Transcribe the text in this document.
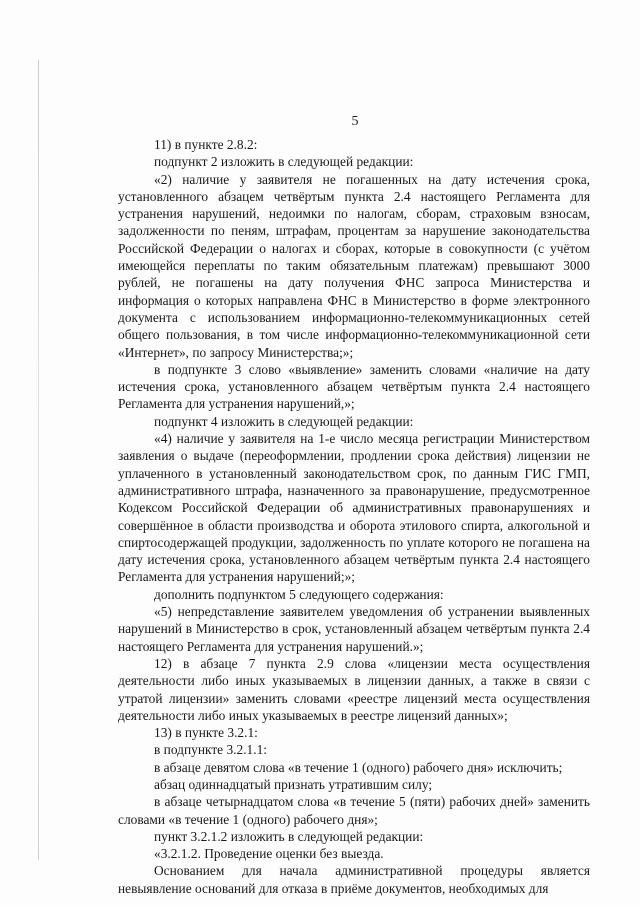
5

11) в пункте 2.8.2:

подпункт 2 изложить в следующей редакции:

«2) наличие у заявителя не погашенных на дату истечения срока, установленного абзацем четвёртым пункта 2.4 настоящего Регламента для устранения нарушений, недоимки по налогам, сборам, страховым взносам, задолженности по пеням, штрафам, процентам за нарушение законодательства Российской Федерации о налогах и сборах, которые в совокупности (с учётом имеющейся переплаты по таким обязательным платежам) превышают 3000 рублей, не погашены на дату получения ФНС запроса Министерства и информация о которых направлена ФНС в Министерство в форме электронного документа с использованием информационно-телекоммуникационных сетей общего пользования, в том числе информационно-телекоммуникационной сети «Интернет», по запросу Министерства;»;

в подпункте 3 слово «выявление» заменить словами «наличие на дату истечения срока, установленного абзацем четвёртым пункта 2.4 настоящего Регламента для устранения нарушений,»;

подпункт 4 изложить в следующей редакции:

«4) наличие у заявителя на 1-е число месяца регистрации Министерством заявления о выдаче (переоформлении, продлении срока действия) лицензии не уплаченного в установленный законодательством срок, по данным ГИС ГМП, административного штрафа, назначенного за правонарушение, предусмотренное Кодексом Российской Федерации об административных правонарушениях и совершённое в области производства и оборота этилового спирта, алкогольной и спиртосодержащей продукции, задолженность по уплате которого не погашена на дату истечения срока, установленного абзацем четвёртым пункта 2.4 настоящего Регламента для устранения нарушений;»;

дополнить подпунктом 5 следующего содержания:

«5) непредставление заявителем уведомления об устранении выявленных нарушений в Министерство в срок, установленный абзацем четвёртым пункта 2.4 настоящего Регламента для устранения нарушений.»;

12) в абзаце 7 пункта 2.9 слова «лицензии места осуществления деятельности либо иных указываемых в лицензии данных, а также в связи с утратой лицензии» заменить словами «реестре лицензий места осуществления деятельности либо иных указываемых в реестре лицензий данных»;

13) в пункте 3.2.1:

в подпункте 3.2.1.1:

в абзаце девятом слова «в течение 1 (одного) рабочего дня» исключить;

абзац одиннадцатый признать утратившим силу;

в абзаце четырнадцатом слова «в течение 5 (пяти) рабочих дней» заменить словами «в течение 1 (одного) рабочего дня»;

пункт 3.2.1.2 изложить в следующей редакции:

«3.2.1.2. Проведение оценки без выезда.

Основанием для начала административной процедуры является невыявление оснований для отказа в приёме документов, необходимых для
